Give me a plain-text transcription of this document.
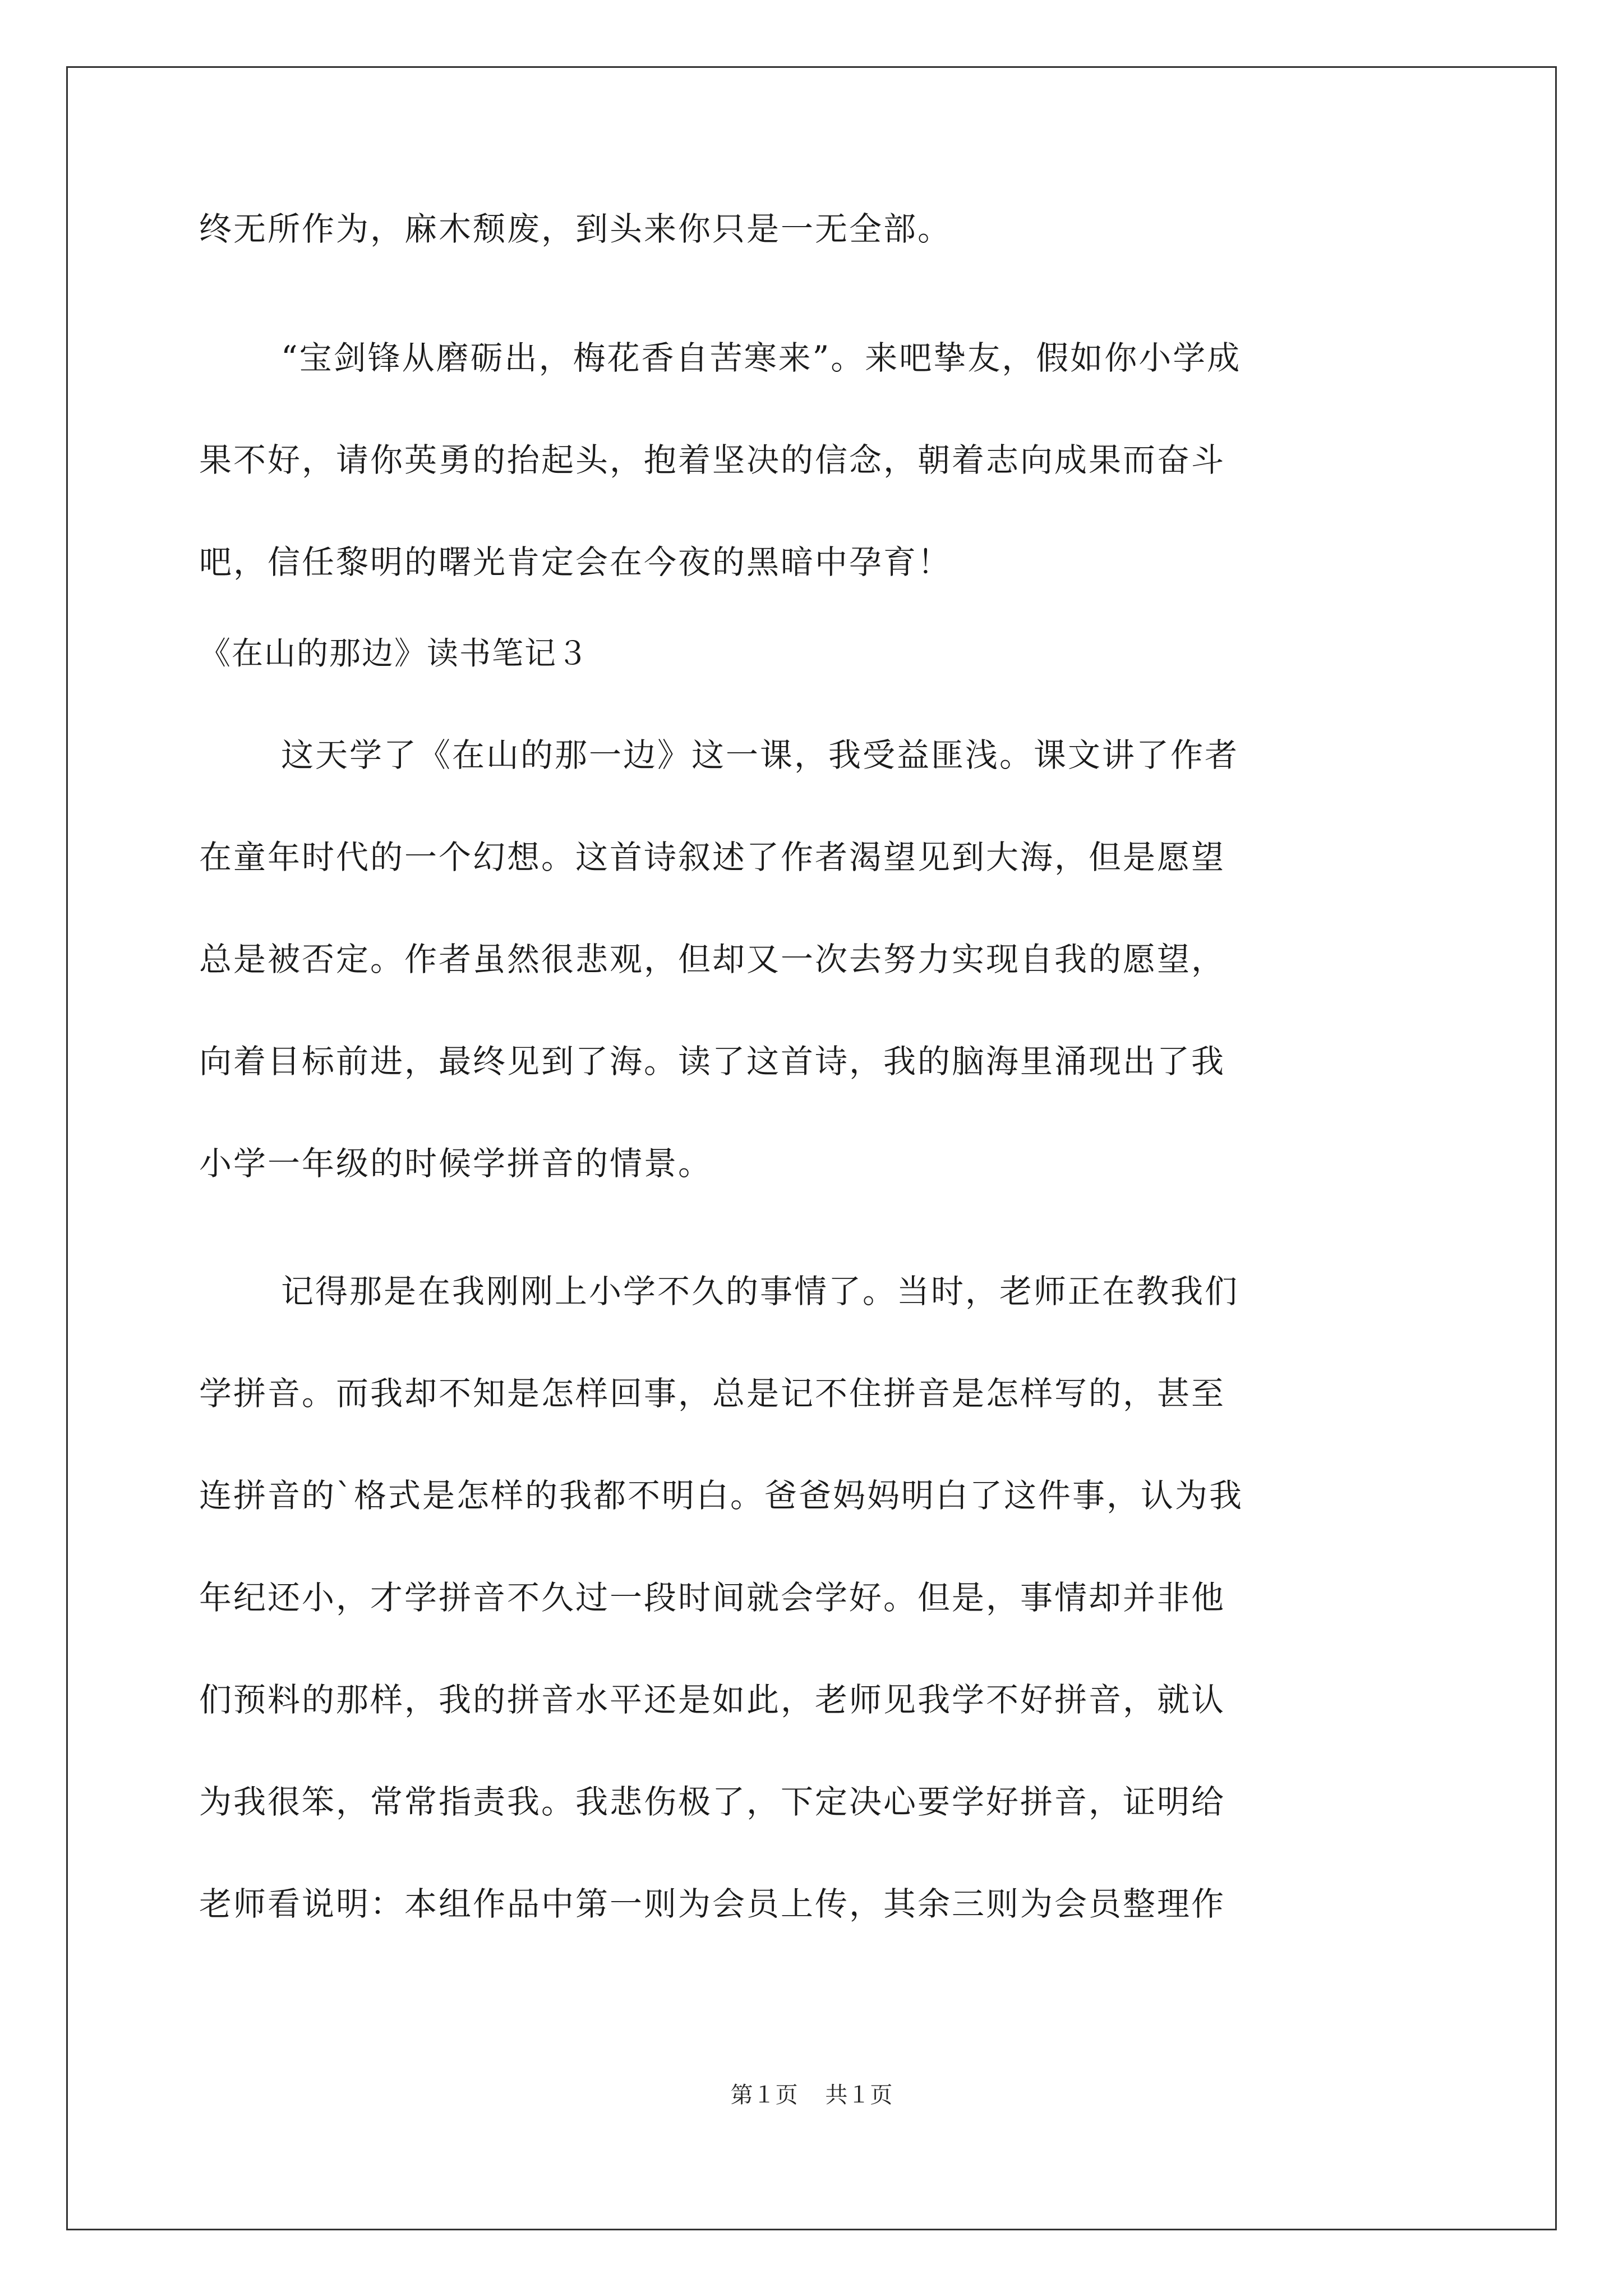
终无所作为，麻木颓废，到头来你只是一无全部。
“宝剑锋从磨砺出，梅花香自苦寒来”。来吧挚友，假如你小学成
果不好，请你英勇的抬起头，抱着坚决的信念，朝着志向成果而奋斗
吧，信任黎明的曙光肯定会在今夜的黑暗中孕育！
《在山的那边》读书笔记３
这天学了《在山的那一边》这一课，我受益匪浅。课文讲了作者
在童年时代的一个幻想。这首诗叙述了作者渴望见到大海，但是愿望
总是被否定。作者虽然很悲观，但却又一次去努力实现自我的愿望，
向着目标前进，最终见到了海。读了这首诗，我的脑海里涌现出了我
小学一年级的时候学拼音的情景。
记得那是在我刚刚上小学不久的事情了。当时，老师正在教我们
学拼音。而我却不知是怎样回事，总是记不住拼音是怎样写的，甚至
连拼音的`格式是怎样的我都不明白。爸爸妈妈明白了这件事，认为我
年纪还小，才学拼音不久过一段时间就会学好。但是，事情却并非他
们预料的那样，我的拼音水平还是如此，老师见我学不好拼音，就认
为我很笨，常常指责我。我悲伤极了，下定决心要学好拼音，证明给
老师看说明：本组作品中第一则为会员上传，其余三则为会员整理作
第１页 共１页
